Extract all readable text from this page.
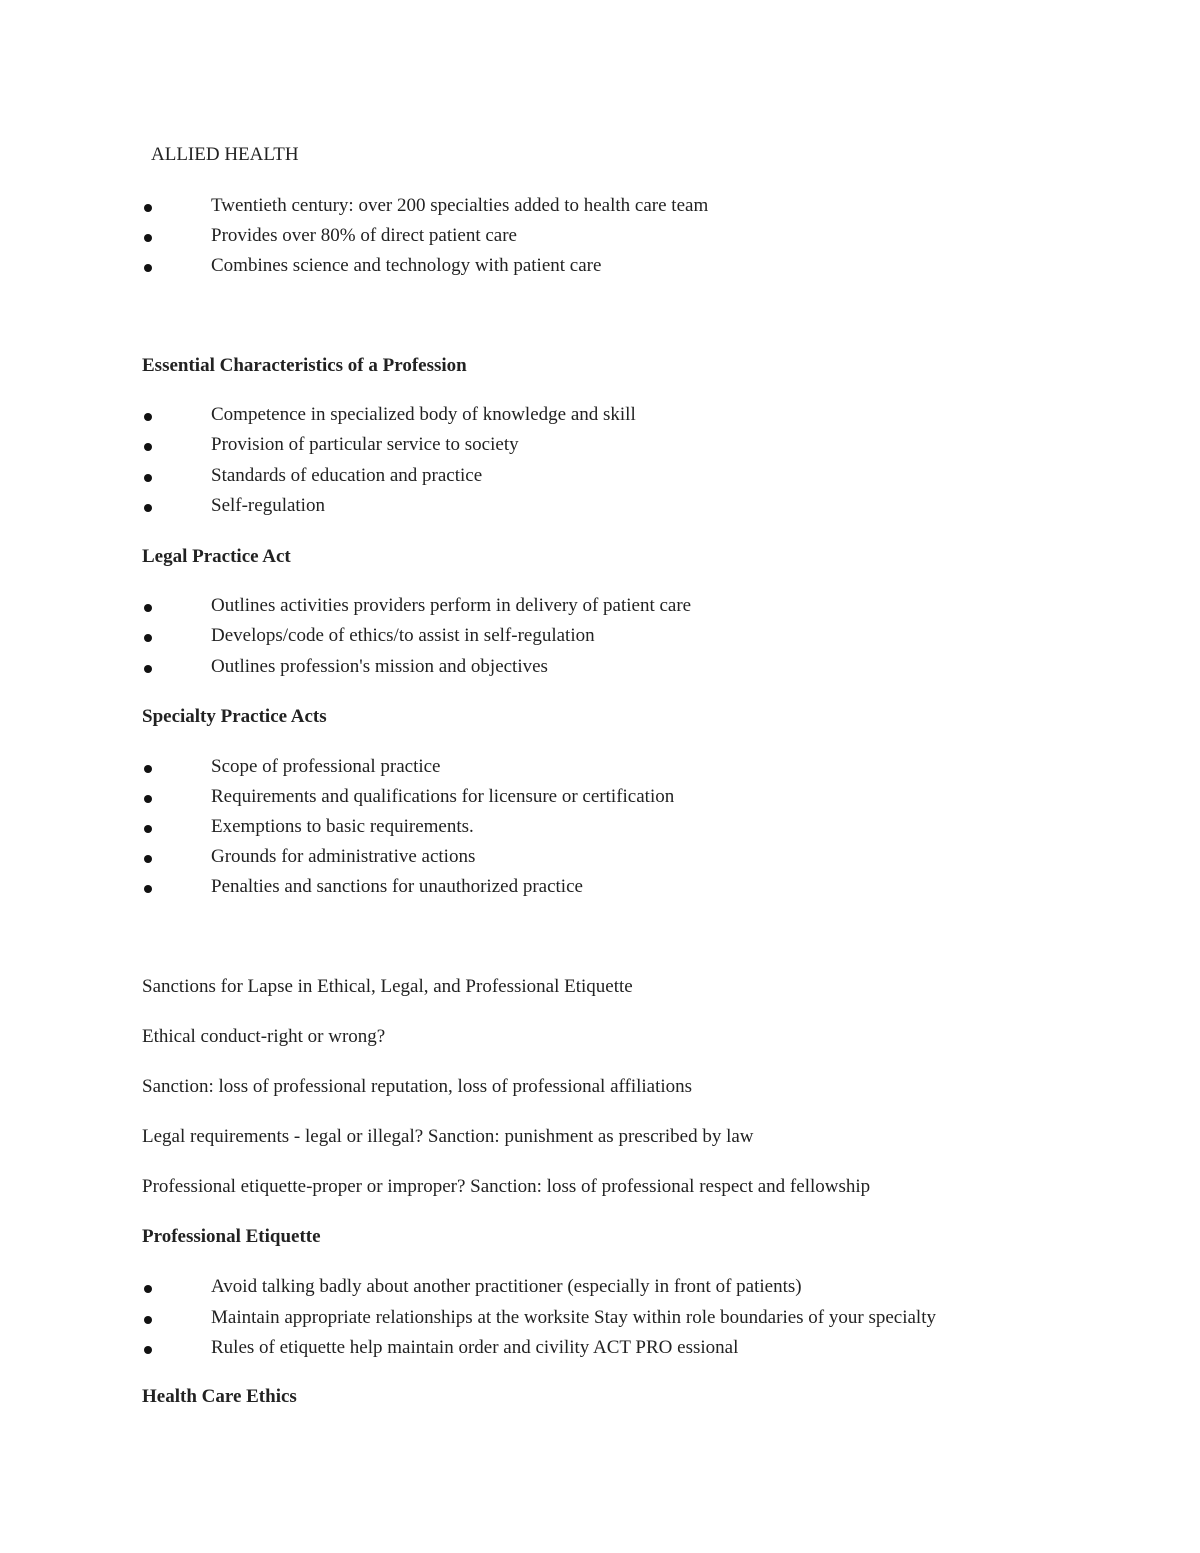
ALLIED HEALTH
Twentieth century: over 200 specialties added to health care team
Provides over 80% of direct patient care
Combines science and technology with patient care
Essential Characteristics of a Profession
Competence in specialized body of knowledge and skill
Provision of particular service to society
Standards of education and practice
Self-regulation
Legal Practice Act
Outlines activities providers perform in delivery of patient care
Develops/code of ethics/to assist in self-regulation
Outlines profession's mission and objectives
Specialty Practice Acts
Scope of professional practice
Requirements and qualifications for licensure or certification
Exemptions to basic requirements.
Grounds for administrative actions
Penalties and sanctions for unauthorized practice
Sanctions for Lapse in Ethical, Legal, and Professional Etiquette
Ethical conduct-right or wrong?
Sanction: loss of professional reputation, loss of professional affiliations
Legal requirements - legal or illegal? Sanction: punishment as prescribed by law
Professional etiquette-proper or improper? Sanction: loss of professional respect and fellowship
Professional Etiquette
Avoid talking badly about another practitioner (especially in front of patients)
Maintain appropriate relationships at the worksite Stay within role boundaries of your specialty
Rules of etiquette help maintain order and civility ACT PRO essional
Health Care Ethics
